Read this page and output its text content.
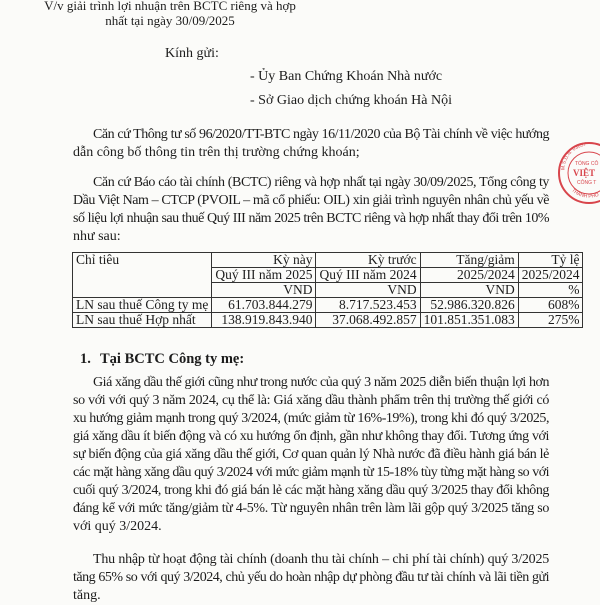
V/v giải trình lợi nhuận trên BCTC riêng và hợp
nhất tại ngày 30/09/2025
Kính gửi:
- Ủy Ban Chứng Khoán Nhà nước
- Sở Giao dịch chứng khoán Hà Nội
Căn cứ Thông tư số 96/2020/TT-BTC ngày 16/11/2020 của Bộ Tài chính về việc hướng
dẫn công bố thông tin trên thị trường chứng khoán;
Căn cứ Báo cáo tài chính (BCTC) riêng và hợp nhất tại ngày 30/09/2025, Tổng công ty
Dầu Việt Nam – CTCP (PVOIL – mã cổ phiếu: OIL) xin giải trình nguyên nhân chủ yếu về
số liệu lợi nhuận sau thuế Quý III năm 2025 trên BCTC riêng và hợp nhất thay đổi trên 10%
như sau:
Chỉ tiêu	Kỳ này	Kỳ trước	Tăng/giảm	Tỷ lệ
	Quý III năm 2025	Quý III năm 2024	2025/2024	2025/2024
	VND	VND	VND	%
LN sau thuế Công ty mẹ	61.703.844.279	8.717.523.453	52.986.320.826	608%
LN sau thuế Hợp nhất	138.919.843.940	37.068.492.857	101.851.351.083	275%
1. Tại BCTC Công ty mẹ:
Giá xăng dầu thế giới cũng như trong nước của quý 3 năm 2025 diễn biến thuận lợi hơn
so với với quý 3 năm 2024, cụ thể là: Giá xăng dầu thành phẩm trên thị trường thế giới có
xu hướng giảm mạnh trong quý 3/2024, (mức giảm từ 16%-19%), trong khi đó quý 3/2025,
giá xăng dầu ít biến động và có xu hướng ổn định, gần như không thay đổi. Tương ứng với
sự biến động của giá xăng dầu thế giới, Cơ quan quản lý Nhà nước đã điều hành giá bán lẻ
các mặt hàng xăng dầu quý 3/2024 với mức giảm mạnh từ 15-18% tùy từng mặt hàng so với
cuối quý 3/2024, trong khi đó giá bán lẻ các mặt hàng xăng dầu quý 3/2025 thay đổi không
đáng kể với mức tăng/giảm từ 4-5%. Từ nguyên nhân trên làm lãi gộp quý 3/2025 tăng so
với quý 3/2024.
Thu nhập từ hoạt động tài chính (doanh thu tài chính – chi phí tài chính) quý 3/2025
tăng 65% so với quý 3/2024, chủ yếu do hoàn nhập dự phòng đầu tư tài chính và lãi tiền gửi
tăng.
M.S.D.N: 03057
THÀNH PHỐ
TỔNG CÔ
VIỆT
CÔNG T
